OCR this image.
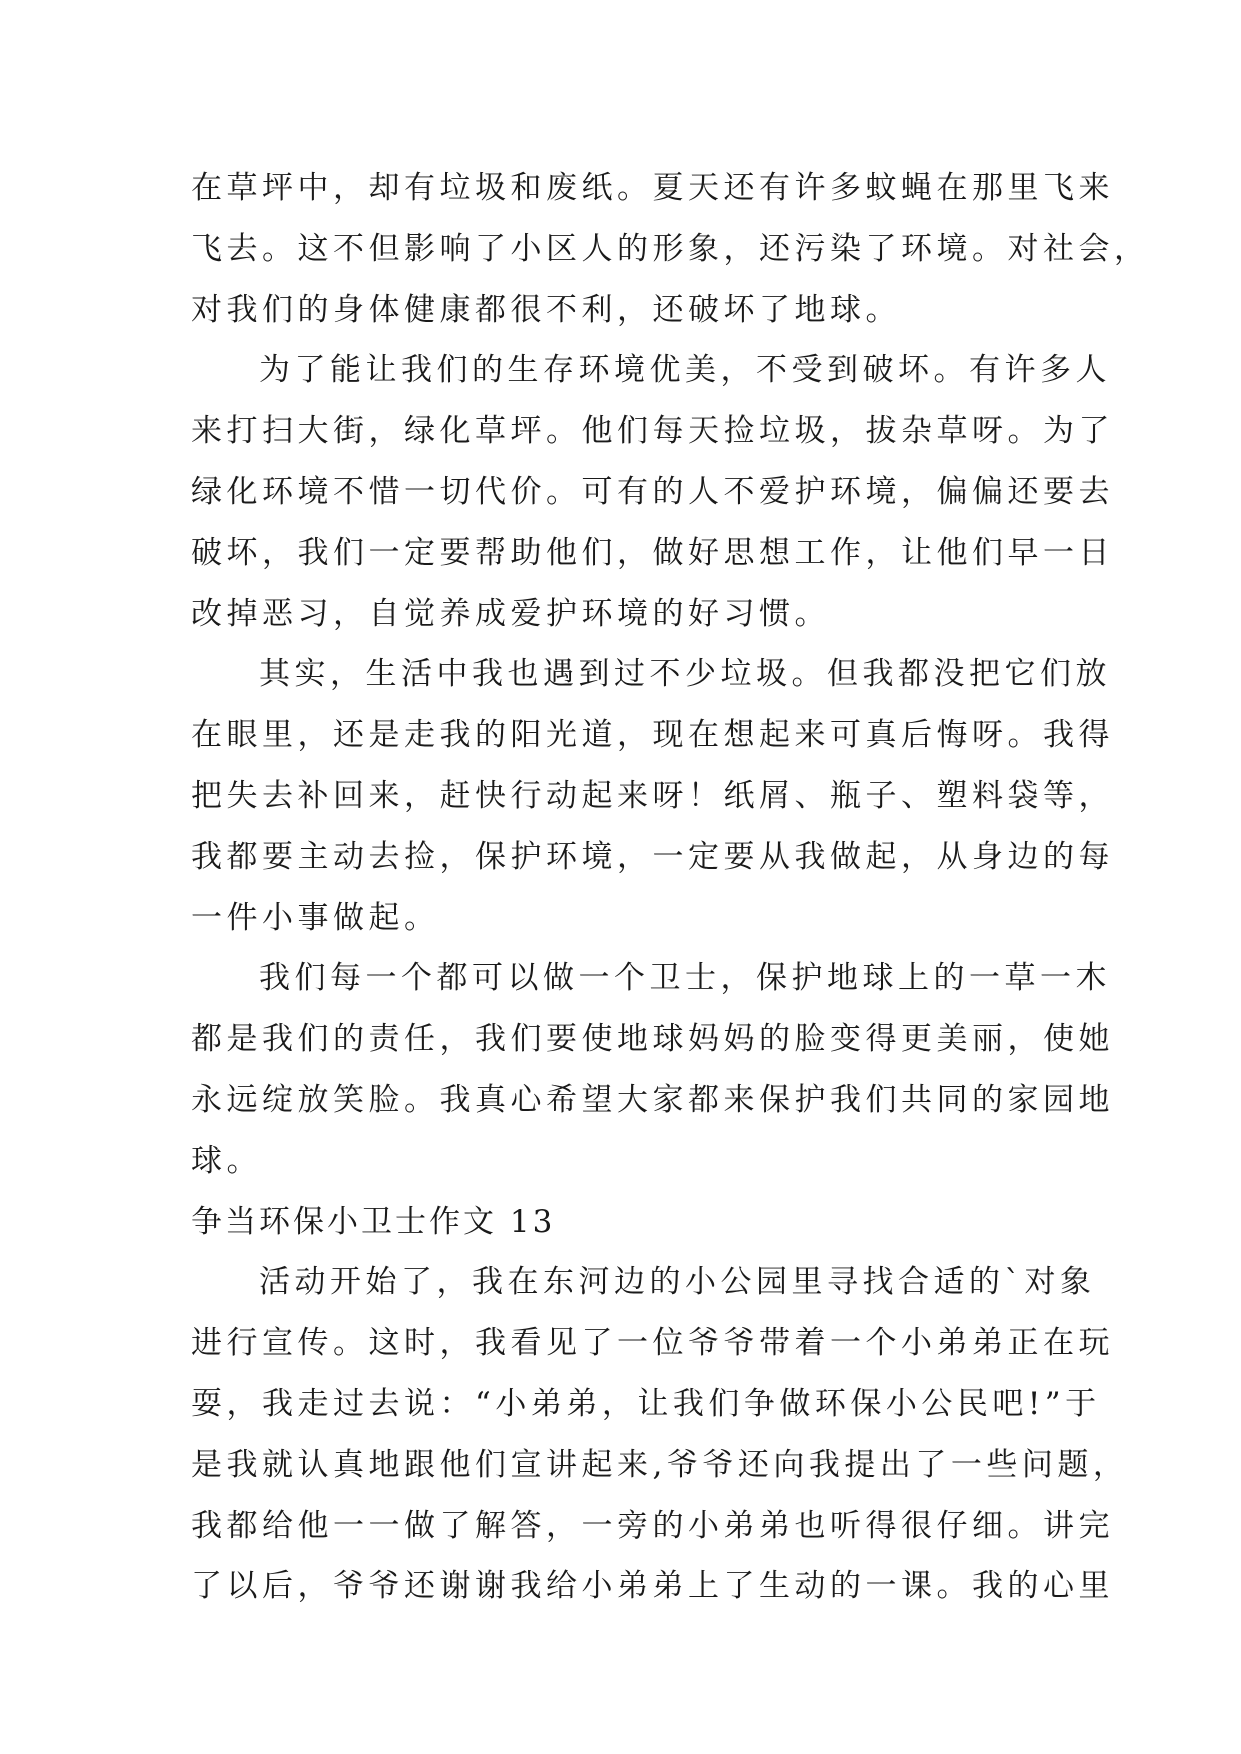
在草坪中，却有垃圾和废纸。夏天还有许多蚊蝇在那里飞来
飞去。这不但影响了小区人的形象，还污染了环境。对社会，
对我们的身体健康都很不利，还破坏了地球。
为了能让我们的生存环境优美，不受到破坏。有许多人
来打扫大街，绿化草坪。他们每天捡垃圾，拔杂草呀。为了
绿化环境不惜一切代价。可有的人不爱护环境，偏偏还要去
破坏，我们一定要帮助他们，做好思想工作，让他们早一日
改掉恶习，自觉养成爱护环境的好习惯。
其实，生活中我也遇到过不少垃圾。但我都没把它们放
在眼里，还是走我的阳光道，现在想起来可真后悔呀。我得
把失去补回来，赶快行动起来呀！纸屑、瓶子、塑料袋等，
我都要主动去捡，保护环境，一定要从我做起，从身边的每
一件小事做起。
我们每一个都可以做一个卫士，保护地球上的一草一木
都是我们的责任，我们要使地球妈妈的脸变得更美丽，使她
永远绽放笑脸。我真心希望大家都来保护我们共同的家园地
球。
争当环保小卫士作文 13
活动开始了，我在东河边的小公园里寻找合适的`对象
进行宣传。这时，我看见了一位爷爷带着一个小弟弟正在玩
耍，我走过去说：“小弟弟，让我们争做环保小公民吧!”于
是我就认真地跟他们宣讲起来,爷爷还向我提出了一些问题，
我都给他一一做了解答，一旁的小弟弟也听得很仔细。讲完
了以后，爷爷还谢谢我给小弟弟上了生动的一课。我的心里
